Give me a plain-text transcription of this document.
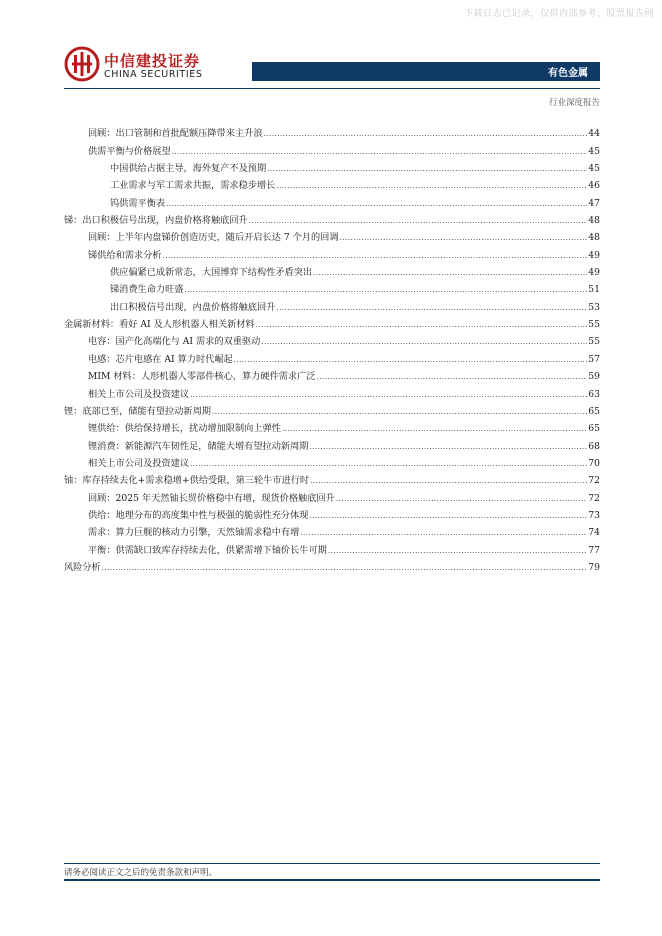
下载日志已记录，仅供内部参考，股票报告网
中信建投证券
CHINA SECURITIES	有色金属
行业深度报告
回顾：出口管制和首批配额压降带来主升浪 .....	44
供需平衡与价格展望 .....	45
中国供给占据主导，海外复产不及预期 .....	45
工业需求与军工需求共振，需求稳步增长 .....	46
钨供需平衡表 .....	47
锑：出口积极信号出现，内盘价格将触底回升 .....	48
回顾：上半年内盘锑价创造历史，随后开启长达 7 个月的回调 .....	48
锑供给和需求分析 .....	49
供应偏紧已成新常态，大国博弈下结构性矛盾突出 .....	49
锑消费生命力旺盛 .....	51
出口积极信号出现，内盘价格将触底回升 .....	53
金属新材料：看好 AI 及人形机器人相关新材料 .....	55
电容：国产化高端化与 AI 需求的双重驱动 .....	55
电感：芯片电感在 AI 算力时代崛起 .....	57
MIM 材料：人形机器人零部件核心，算力硬件需求广泛 .....	59
相关上市公司及投资建议 .....	63
锂：底部已至，储能有望拉动新周期 .....	65
锂供给：供给保持增长，扰动增加限制向上弹性 .....	65
锂消费：新能源汽车韧性足，储能大增有望拉动新周期 .....	68
相关上市公司及投资建议 .....	70
铀：库存持续去化+需求稳增+供给受限，第三轮牛市进行时 .....	72
回顾：2025 年天然铀长贸价格稳中有增，现货价格触底回升 .....	72
供给：地理分布的高度集中性与极强的脆弱性充分体现 .....	73
需求：算力巨舰的核动力引擎，天然铀需求稳中有增 .....	74
平衡：供需缺口致库存持续去化，供紧需增下铀价长牛可期 .....	77
风险分析 .....	79
请务必阅读正文之后的免责条款和声明。
